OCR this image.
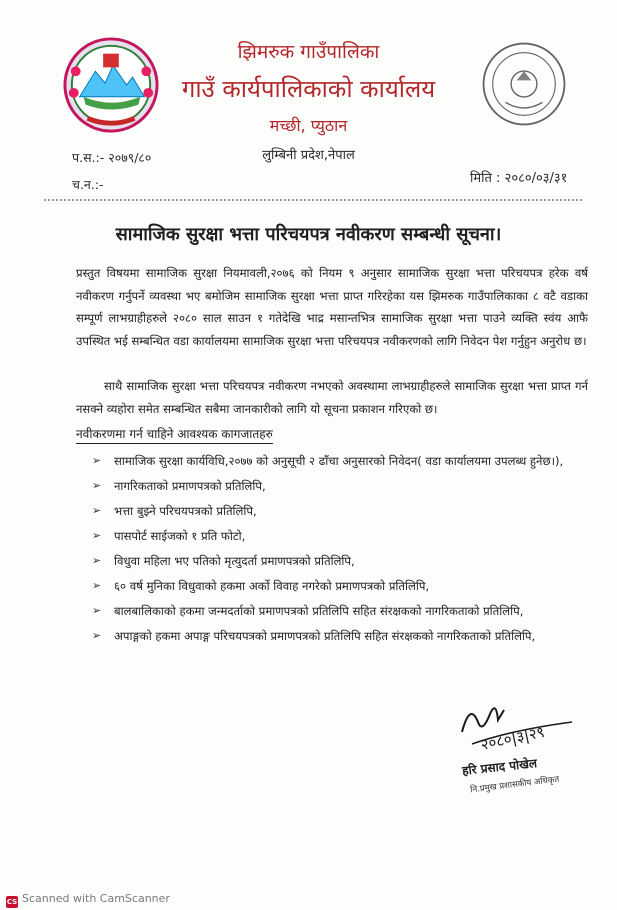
झिमरुक गाउँपालिका
गाउँ कार्यपालिकाको कार्यालय
मच्छी, प्युठान
लुम्बिनी प्रदेश,नेपाल
प.स.:- २०७९/८०
च.न.:-	मिति : २०८०/०३/३१
सामाजिक सुरक्षा भत्ता परिचयपत्र नवीकरण सम्बन्धी सूचना।
प्रस्तुत विषयमा सामाजिक सुरक्षा नियमावली,२०७६ को नियम ९ अनुसार सामाजिक सुरक्षा भत्ता परिचयपत्र हरेक वर्ष नवीकरण गर्नुपर्ने व्यवस्था भए बमोजिम सामाजिक सुरक्षा भत्ता प्राप्त गरिरहेका यस झिमरुक गाउँपालिकाका ८ वटै वडाका सम्पूर्ण लाभग्राहीहरुले २०८० साल साउन १ गतेदेखि भाद्र मसान्तभित्र सामाजिक सुरक्षा भत्ता पाउने व्यक्ति स्वंय आफै उपस्थित भई सम्बन्धित वडा कार्यालयमा सामाजिक सुरक्षा भत्ता परिचयपत्र नवीकरणको लागि निवेदन पेश गर्नुहुन अनुरोध छ।
साथै सामाजिक सुरक्षा भत्ता परिचयपत्र नवीकरण नभएको अवस्थामा लाभग्राहीहरुले सामाजिक सुरक्षा भत्ता प्राप्त गर्न नसक्ने व्यहोरा समेत सम्बन्धित सबैमा जानकारीको लागि यो सूचना प्रकाशन गरिएको छ।
नवीकरणमा गर्न चाहिने आवश्यक कागजातहरु
➢	सामाजिक सुरक्षा कार्यविधि,२०७७ को अनुसूची २ ढाँचा अनुसारको निवेदन( वडा कार्यालयमा उपलब्ध हुनेछ।),
➢	नागरिकताको प्रमाणपत्रको प्रतिलिपि,
➢	भत्ता बुझ्ने परिचयपत्रको प्रतिलिपि,
➢	पासपोर्ट साईजको १ प्रति फोटो,
➢	विधुवा महिला भए पतिको मृत्युदर्ता प्रमाणपत्रको प्रतिलिपि,
➢	६० वर्ष मुनिका विधुवाको हकमा अर्को विवाह नगरेको प्रमाणपत्रको प्रतिलिपि,
➢	बालबालिकाको हकमा जन्मदर्ताको प्रमाणपत्रको प्रतिलिपि सहित संरक्षकको नागरिकताको प्रतिलिपि,
➢	अपाङ्गको हकमा अपाङ्ग परिचयपत्रको प्रमाणपत्रको प्रतिलिपि सहित संरक्षकको नागरिकताको प्रतिलिपि,
२०८०|३|२९
हरि प्रसाद पोखेल
नि.प्रमुख प्रशासकीय अधिकृत
CS Scanned with CamScanner
